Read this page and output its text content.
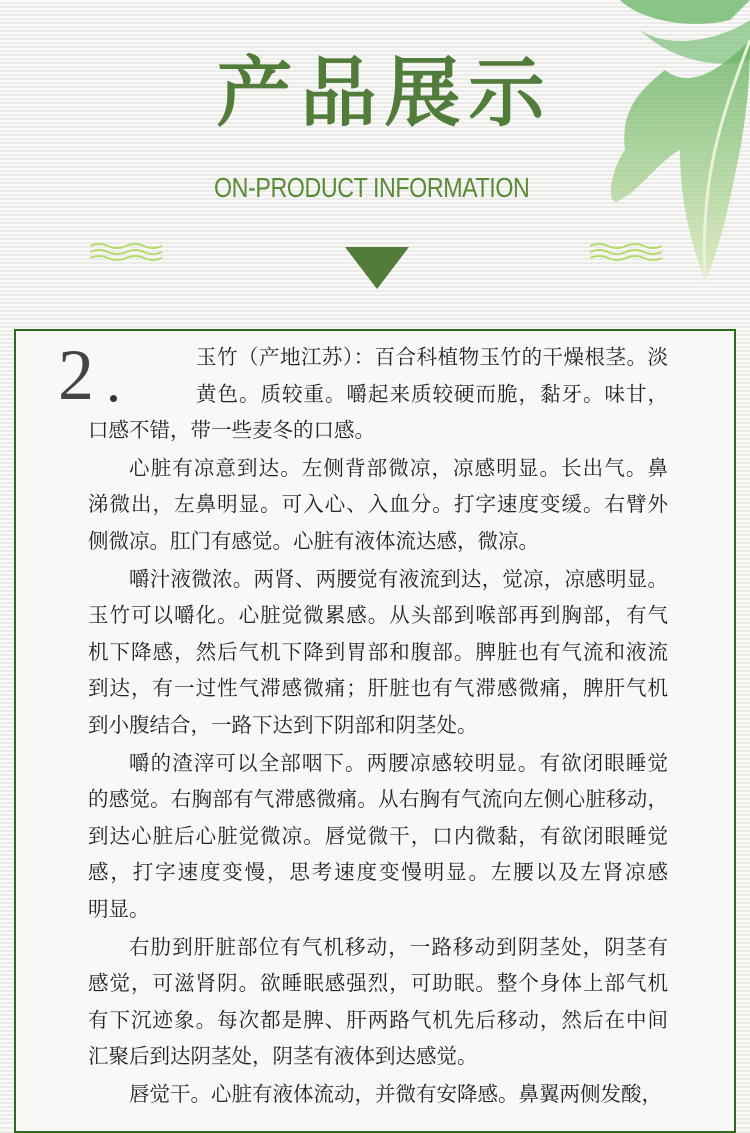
产品展示
ON-PRODUCT INFORMATION
2	玉竹（产地江苏）：百合科植物玉竹的干燥根茎。淡
黄色。质较重。嚼起来质较硬而脆，黏牙。味甘，
口感不错，带一些麦冬的口感。
心脏有凉意到达。左侧背部微凉，凉感明显。长出气。鼻
涕微出，左鼻明显。可入心、入血分。打字速度变缓。右臂外
侧微凉。肛门有感觉。心脏有液体流达感，微凉。
嚼汁液微浓。两肾、两腰觉有液流到达，觉凉，凉感明显。
玉竹可以嚼化。心脏觉微累感。从头部到喉部再到胸部，有气
机下降感，然后气机下降到胃部和腹部。脾脏也有气流和液流
到达，有一过性气滞感微痛；肝脏也有气滞感微痛，脾肝气机
到小腹结合，一路下达到下阴部和阴茎处。
嚼的渣滓可以全部咽下。两腰凉感较明显。有欲闭眼睡觉
的感觉。右胸部有气滞感微痛。从右胸有气流向左侧心脏移动，
到达心脏后心脏觉微凉。唇觉微干，口内微黏，有欲闭眼睡觉
感，打字速度变慢，思考速度变慢明显。左腰以及左肾凉感
明显。
右肋到肝脏部位有气机移动，一路移动到阴茎处，阴茎有
感觉，可滋肾阴。欲睡眠感强烈，可助眠。整个身体上部气机
有下沉迹象。每次都是脾、肝两路气机先后移动，然后在中间
汇聚后到达阴茎处，阴茎有液体到达感觉。
唇觉干。心脏有液体流动，并微有安降感。鼻翼两侧发酸，
